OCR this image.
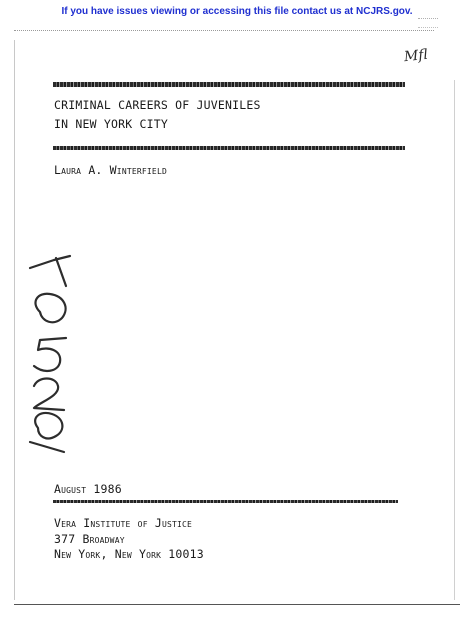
If you have issues viewing or accessing this file contact us at NCJRS.gov.
Mfl
CRIMINAL CAREERS OF JUVENILES
IN NEW YORK CITY
Laura A. Winterfield
August 1986
Vera Institute of Justice
377 Broadway
New York, New York 10013
